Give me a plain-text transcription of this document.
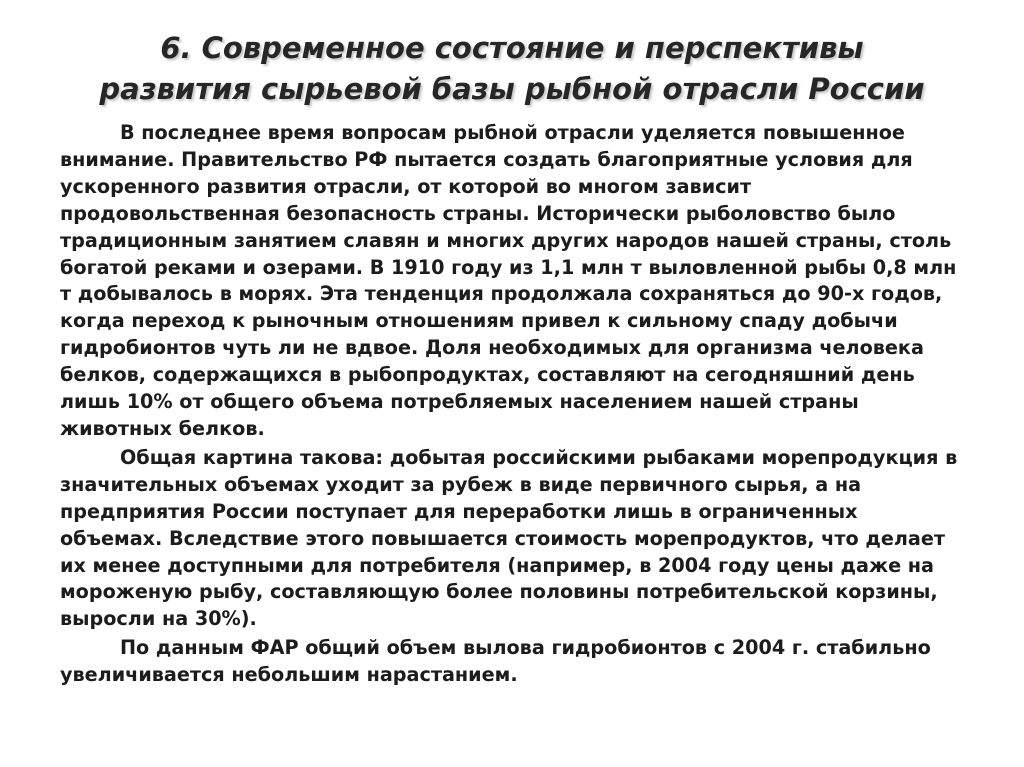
6. Современное состояние и перспективы развития сырьевой базы рыбной отрасли России

В последнее время вопросам рыбной отрасли уделяется повышенное внимание. Правительство РФ пытается создать благоприятные условия для ускоренного развития отрасли, от которой во многом зависит продовольственная безопасность страны. Исторически рыболовство было традиционным занятием славян и многих других народов нашей страны, столь богатой реками и озерами. В 1910 году из 1,1 млн т выловленной рыбы 0,8 млн т добывалось в морях. Эта тенденция продолжала сохраняться до 90-х годов, когда переход к рыночным отношениям привел к сильному спаду добычи гидробионтов чуть ли не вдвое. Доля необходимых для организма человека белков, содержащихся в рыбопродуктах, составляют на сегодняшний день лишь 10% от общего объема потребляемых населением нашей страны животных белков.

Общая картина такова: добытая российскими рыбаками морепродукция в значительных объемах уходит за рубеж в виде первичного сырья, а на предприятия России поступает для переработки лишь в ограниченных объемах. Вследствие этого повышается стоимость морепродуктов, что делает их менее доступными для потребителя (например, в 2004 году цены даже на мороженую рыбу, составляющую более половины потребительской корзины, выросли на 30%).

По данным ФАР общий объем вылова гидробионтов с 2004 г. стабильно увеличивается небольшим нарастанием.
